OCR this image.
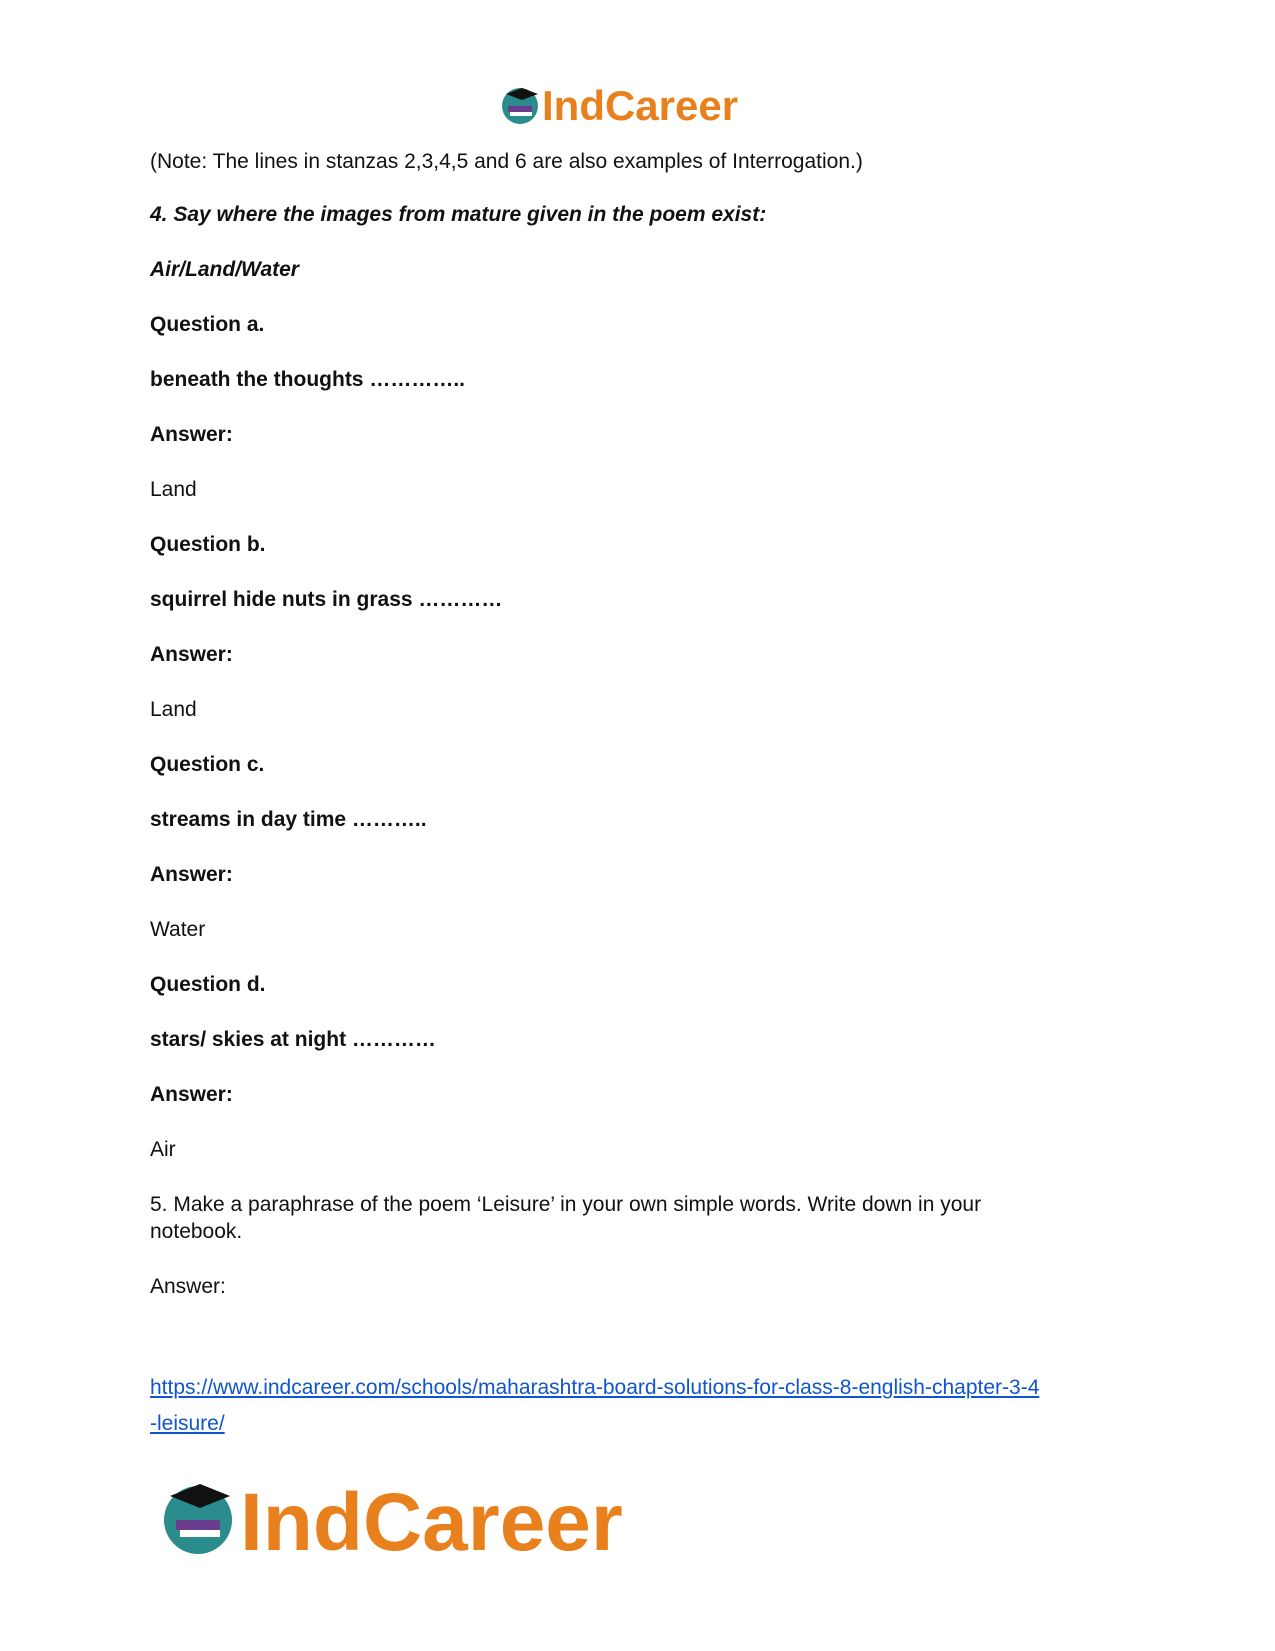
IndCareer

(Note: The lines in stanzas 2,3,4,5 and 6 are also examples of Interrogation.)

4. Say where the images from mature given in the poem exist:

Air/Land/Water

Question a.

beneath the thoughts …………..

Answer:

Land

Question b.

squirrel hide nuts in grass …………

Answer:

Land

Question c.

streams in day time ………..

Answer:

Water

Question d.

stars/ skies at night …………

Answer:

Air

5. Make a paraphrase of the poem ‘Leisure’ in your own simple words. Write down in your

notebook.

Answer:

https://www.indcareer.com/schools/maharashtra-board-solutions-for-class-8-english-chapter-3-4
-leisure/
IndCareer
